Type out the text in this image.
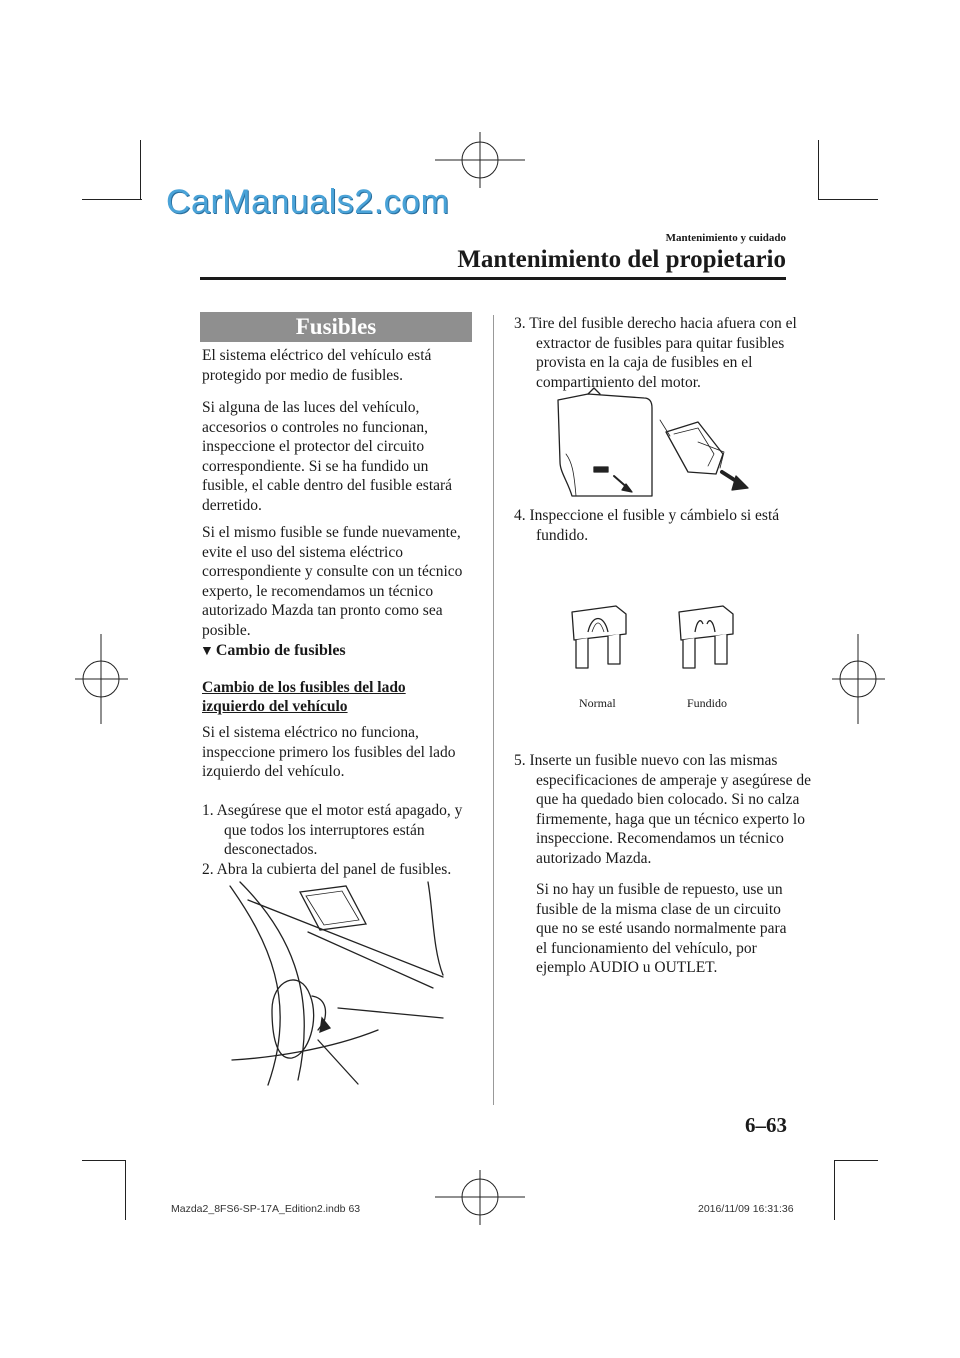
CarManuals2.com
Mantenimiento y cuidado
Mantenimiento del propietario
Fusibles
El sistema eléctrico del vehículo está protegido por medio de fusibles.
Si alguna de las luces del vehículo, accesorios o controles no funcionan, inspeccione el protector del circuito correspondiente. Si se ha fundido un fusible, el cable dentro del fusible estará derretido.
Si el mismo fusible se funde nuevamente, evite el uso del sistema eléctrico correspondiente y consulte con un técnico experto, le recomendamos un técnico autorizado Mazda tan pronto como sea posible.
▼ Cambio de fusibles
Cambio de los fusibles del lado izquierdo del vehículo
Si el sistema eléctrico no funciona, inspeccione primero los fusibles del lado izquierdo del vehículo.
1. Asegúrese que el motor está apagado, y que todos los interruptores están desconectados.
2. Abra la cubierta del panel de fusibles.
3. Tire del fusible derecho hacia afuera con el extractor de fusibles para quitar fusibles provista en la caja de fusibles en el compartimiento del motor.
4. Inspeccione el fusible y cámbielo si está fundido.
Normal	Fundido
5. Inserte un fusible nuevo con las mismas especificaciones de amperaje y asegúrese de que ha quedado bien colocado. Si no calza firmemente, haga que un técnico experto lo inspeccione. Recomendamos un técnico autorizado Mazda.
Si no hay un fusible de repuesto, use un fusible de la misma clase de un circuito que no se esté usando normalmente para el funcionamiento del vehículo, por ejemplo AUDIO u OUTLET.
6–63
Mazda2_8FS6-SP-17A_Edition2.indb 63	2016/11/09 16:31:36
